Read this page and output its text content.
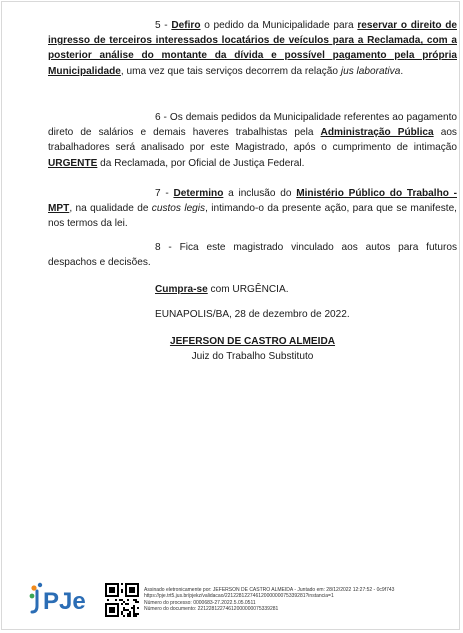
5 - Defiro o pedido da Municipalidade para reservar o direito de ingresso de terceiros interessados locatários de veículos para a Reclamada, com a posterior análise do montante da dívida e possível pagamento pela própria Municipalidade, uma vez que tais serviços decorrem da relação jus laborativa.

6 - Os demais pedidos da Municipalidade referentes ao pagamento direto de salários e demais haveres trabalhistas pela Administração Pública aos trabalhadores será analisado por este Magistrado, após o cumprimento de intimação URGENTE da Reclamada, por Oficial de Justiça Federal.

7 - Determino a inclusão do Ministério Público do Trabalho - MPT, na qualidade de custos legis, intimando-o da presente ação, para que se manifeste, nos termos da lei.

8 - Fica este magistrado vinculado aos autos para futuros despachos e decisões.

Cumpra-se com URGÊNCIA.

EUNAPOLIS/BA, 28 de dezembro de 2022.

JEFERSON DE CASTRO ALMEIDA
Juiz do Trabalho Substituto
PJe	Assinado eletronicamente por: JEFERSON DE CASTRO ALMEIDA - Juntado em: 28/12/2022 12:27:52 - 0c9f743
https://pje.trt5.jus.br/pjekz/validacao/22122812274612000000075339281?instancia=1
Número do processo: 0000683-27.2022.5.05.0511
Número do documento: 22122812274612000000075339281
